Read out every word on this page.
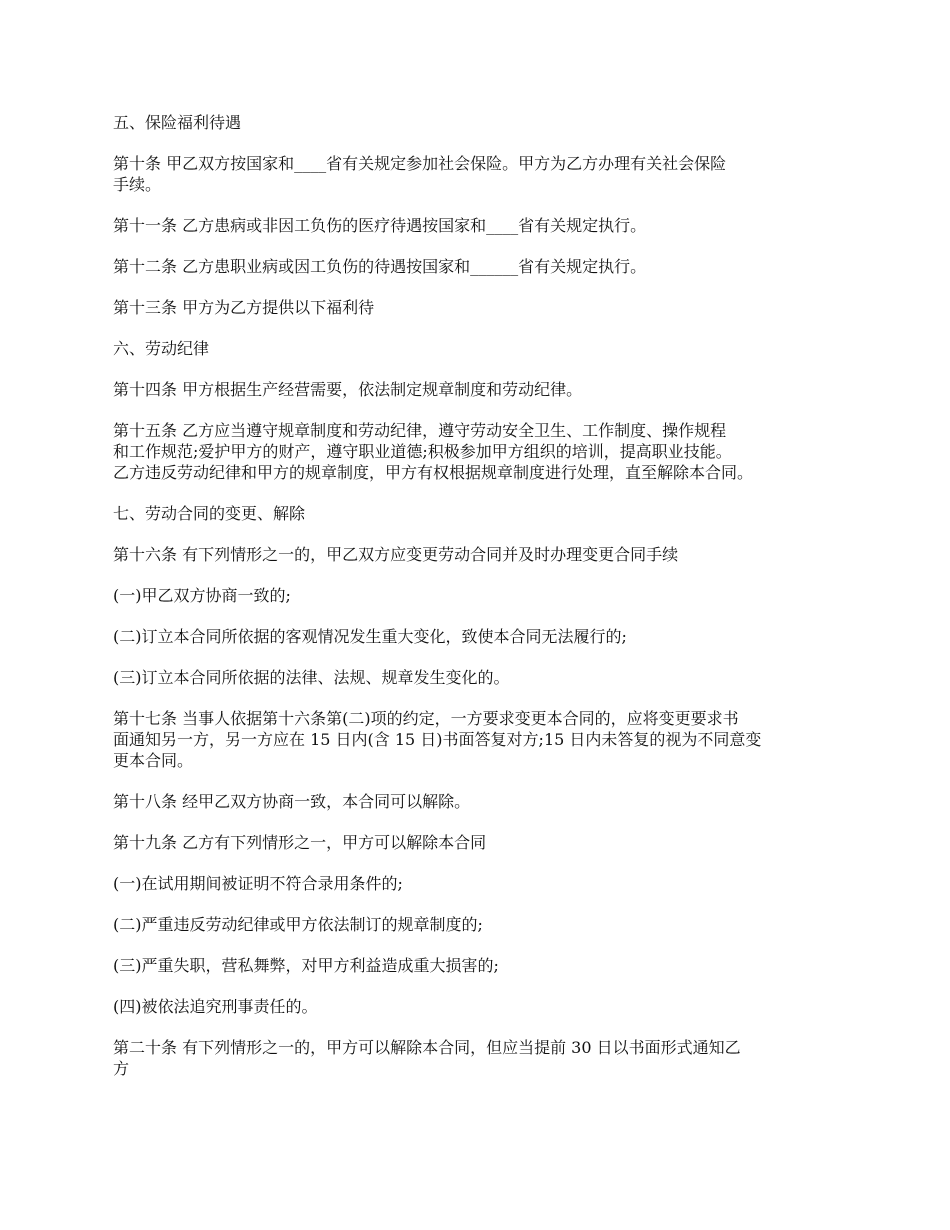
五、保险福利待遇
第十条 甲乙双方按国家和____省有关规定参加社会保险。甲方为乙方办理有关社会保险
手续。
第十一条 乙方患病或非因工负伤的医疗待遇按国家和____省有关规定执行。
第十二条 乙方患职业病或因工负伤的待遇按国家和______省有关规定执行。
第十三条 甲方为乙方提供以下福利待
六、劳动纪律
第十四条 甲方根据生产经营需要，依法制定规章制度和劳动纪律。
第十五条 乙方应当遵守规章制度和劳动纪律，遵守劳动安全卫生、工作制度、操作规程
和工作规范;爱护甲方的财产，遵守职业道德;积极参加甲方组织的培训，提高职业技能。
乙方违反劳动纪律和甲方的规章制度，甲方有权根据规章制度进行处理，直至解除本合同。
七、劳动合同的变更、解除
第十六条 有下列情形之一的，甲乙双方应变更劳动合同并及时办理变更合同手续
(一)甲乙双方协商一致的;
(二)订立本合同所依据的客观情况发生重大变化，致使本合同无法履行的;
(三)订立本合同所依据的法律、法规、规章发生变化的。
第十七条 当事人依据第十六条第(二)项的约定，一方要求变更本合同的，应将变更要求书
面通知另一方，另一方应在 15 日内(含 15 日)书面答复对方;15 日内未答复的视为不同意变
更本合同。
第十八条 经甲乙双方协商一致，本合同可以解除。
第十九条 乙方有下列情形之一，甲方可以解除本合同
(一)在试用期间被证明不符合录用条件的;
(二)严重违反劳动纪律或甲方依法制订的规章制度的;
(三)严重失职，营私舞弊，对甲方利益造成重大损害的;
(四)被依法追究刑事责任的。
第二十条 有下列情形之一的，甲方可以解除本合同，但应当提前 30 日以书面形式通知乙
方
